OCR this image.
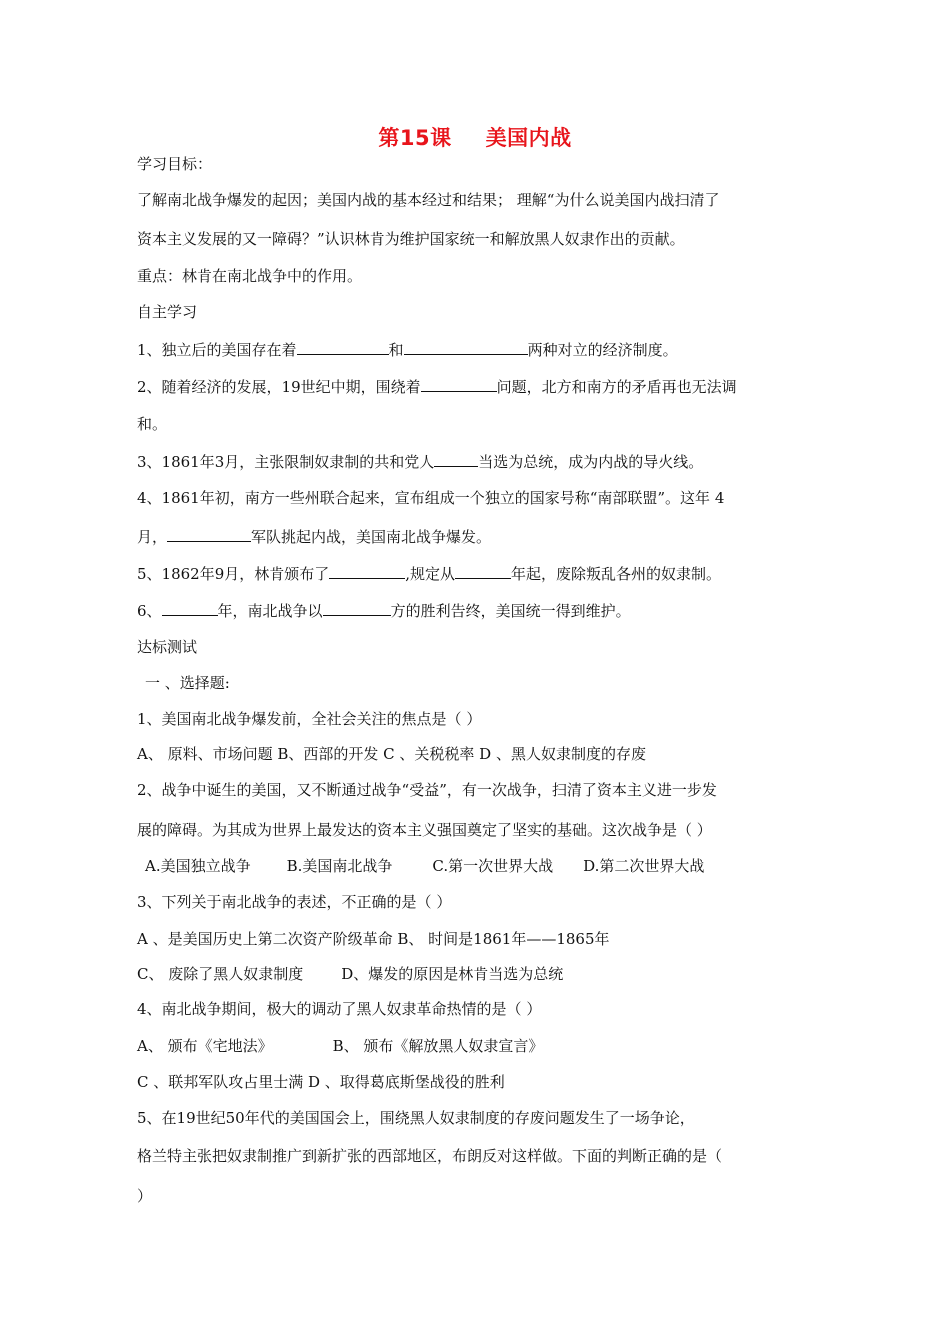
第15课 美国内战
学习目标：
了解南北战争爆发的起因；美国内战的基本经过和结果； 理解“为什么说美国内战扫清了
资本主义发展的又一障碍？”认识林肯为维护国家统一和解放黑人奴隶作出的贡献。
重点：林肯在南北战争中的作用。
自主学习
1、独立后的美国存在着	和	两种对立的经济制度。
2、随着经济的发展，19世纪中期，围绕着	问题，北方和南方的矛盾再也无法调
和。
3、1861年3月，主张限制奴隶制的共和党人	当选为总统，成为内战的导火线。
4、1861年初，南方一些州联合起来，宣布组成一个独立的国家号称“南部联盟”。这年 4
月，	军队挑起内战，美国南北战争爆发。
5、1862年9月，林肯颁布了	,规定从	年起，废除叛乱各州的奴隶制。
6、	年，南北战争以	方的胜利告终，美国统一得到维护。
达标测试
一 、选择题:
1、美国南北战争爆发前，全社会关注的焦点是（ ）
A、 原料、市场问题 B、西部的开发 C 、关税税率 D 、黑人奴隶制度的存废
2、战争中诞生的美国，又不断通过战争“受益”，有一次战争，扫清了资本主义进一步发
展的障碍。为其成为世界上最发达的资本主义强国奠定了坚实的基础。这次战争是（ ）
A.美国独立战争 B.美国南北战争	C.第一次世界大战 D.第二次世界大战
3、下列关于南北战争的表述，不正确的是（ ）
A 、是美国历史上第二次资产阶级革命 B、 时间是1861年——1865年
C、 废除了黑人奴隶制度	D、爆发的原因是林肯当选为总统
4、南北战争期间，极大的调动了黑人奴隶革命热情的是（ ）
A、 颁布《宅地法》	B、 颁布《解放黑人奴隶宣言》
C 、联邦军队攻占里士满 D 、取得葛底斯堡战役的胜利
5、在19世纪50年代的美国国会上，围绕黑人奴隶制度的存废问题发生了一场争论，
格兰特主张把奴隶制推广到新扩张的西部地区，布朗反对这样做。下面的判断正确的是（
）
